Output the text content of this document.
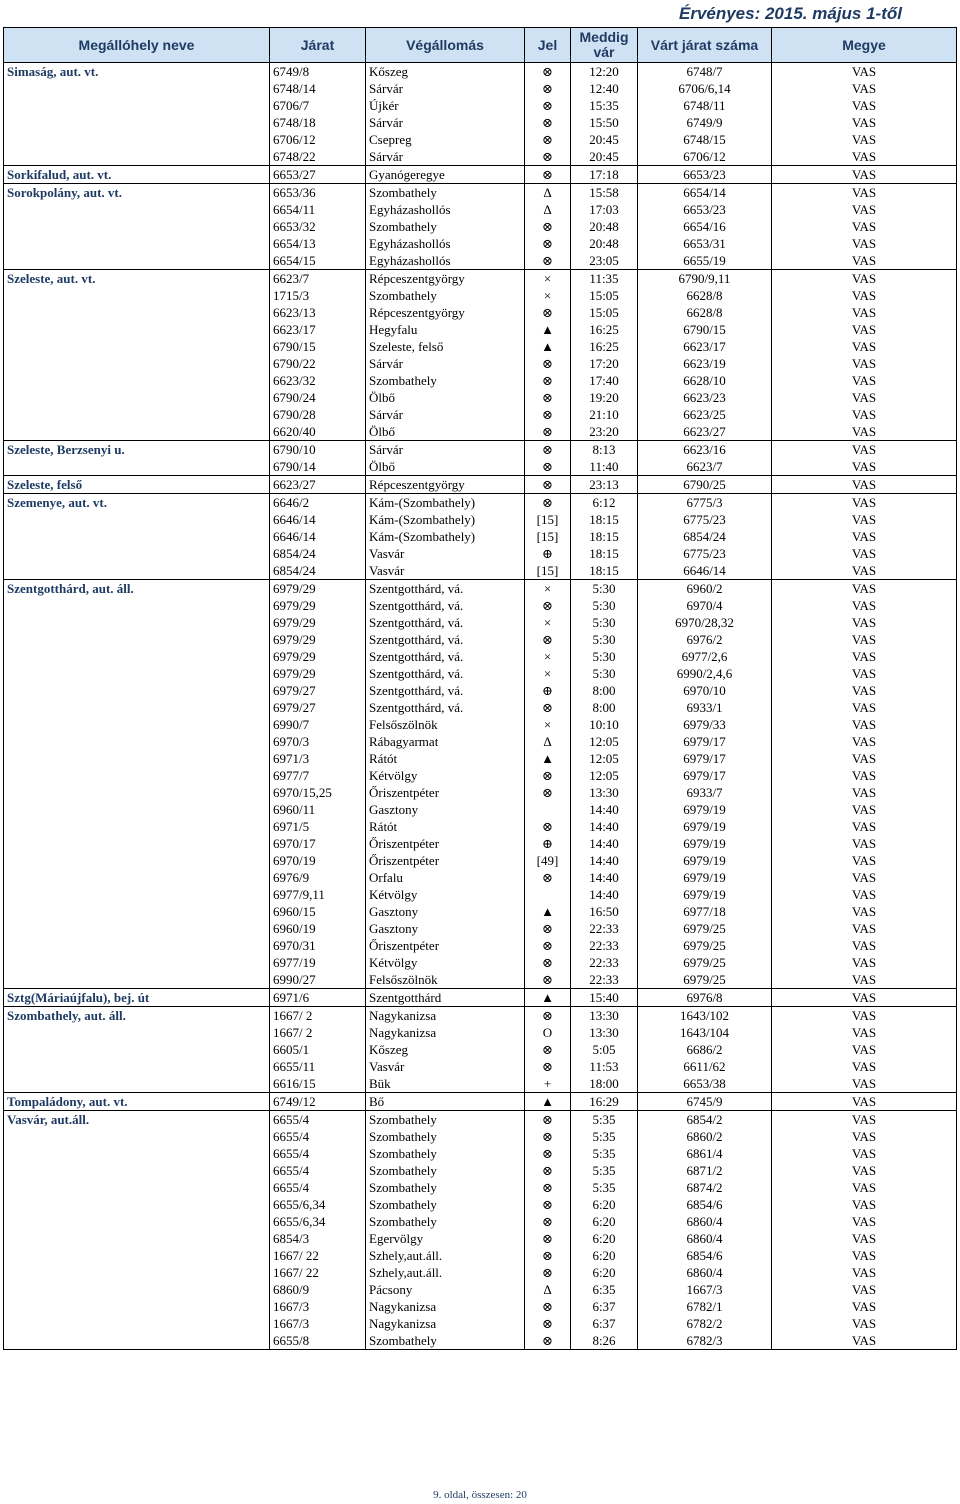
Érvényes: 2015. május 1-től
Megállóhely neve	Járat	Végállomás	Jel	Meddig vár	Várt járat száma	Megye
Simaság, aut. vt.	6749/8	Kőszeg	⊗	12:20	6748/7	VAS
	6748/14	Sárvár	⊗	12:40	6706/6,14	VAS
	6706/7	Újkér	⊗	15:35	6748/11	VAS
	6748/18	Sárvár	⊗	15:50	6749/9	VAS
	6706/12	Csepreg	⊗	20:45	6748/15	VAS
	6748/22	Sárvár	⊗	20:45	6706/12	VAS
Sorkifalud, aut. vt.	6653/27	Gyanógeregye	⊗	17:18	6653/23	VAS
Sorokpolány, aut. vt.	6653/36	Szombathely	Δ	15:58	6654/14	VAS
	6654/11	Egyházashollós	Δ	17:03	6653/23	VAS
	6653/32	Szombathely	⊗	20:48	6654/16	VAS
	6654/13	Egyházashollós	⊗	20:48	6653/31	VAS
	6654/15	Egyházashollós	⊗	23:05	6655/19	VAS
Szeleste, aut. vt.	6623/7	Répceszentgyörgy	×	11:35	6790/9,11	VAS
	1715/3	Szombathely	×	15:05	6628/8	VAS
	6623/13	Répceszentgyörgy	⊗	15:05	6628/8	VAS
	6623/17	Hegyfalu	▲	16:25	6790/15	VAS
	6790/15	Szeleste, felső	▲	16:25	6623/17	VAS
	6790/22	Sárvár	⊗	17:20	6623/19	VAS
	6623/32	Szombathely	⊗	17:40	6628/10	VAS
	6790/24	Ölbő	⊗	19:20	6623/23	VAS
	6790/28	Sárvár	⊗	21:10	6623/25	VAS
	6620/40	Ölbő	⊗	23:20	6623/27	VAS
Szeleste, Berzsenyi u.	6790/10	Sárvár	⊗	8:13	6623/16	VAS
	6790/14	Ölbő	⊗	11:40	6623/7	VAS
Szeleste, felső	6623/27	Répceszentgyörgy	⊗	23:13	6790/25	VAS
Szemenye, aut. vt.	6646/2	Kám-(Szombathely)	⊗	6:12	6775/3	VAS
	6646/14	Kám-(Szombathely)	[15]	18:15	6775/23	VAS
	6646/14	Kám-(Szombathely)	[15]	18:15	6854/24	VAS
	6854/24	Vasvár	⊕	18:15	6775/23	VAS
	6854/24	Vasvár	[15]	18:15	6646/14	VAS
Szentgotthárd, aut. áll.	6979/29	Szentgotthárd, vá.	×	5:30	6960/2	VAS
	6979/29	Szentgotthárd, vá.	⊗	5:30	6970/4	VAS
	6979/29	Szentgotthárd, vá.	×	5:30	6970/28,32	VAS
	6979/29	Szentgotthárd, vá.	⊗	5:30	6976/2	VAS
	6979/29	Szentgotthárd, vá.	×	5:30	6977/2,6	VAS
	6979/29	Szentgotthárd, vá.	×	5:30	6990/2,4,6	VAS
	6979/27	Szentgotthárd, vá.	⊕	8:00	6970/10	VAS
	6979/27	Szentgotthárd, vá.	⊗	8:00	6933/1	VAS
	6990/7	Felsőszölnök	×	10:10	6979/33	VAS
	6970/3	Rábagyarmat	Δ	12:05	6979/17	VAS
	6971/3	Rátót	▲	12:05	6979/17	VAS
	6977/7	Kétvölgy	⊗	12:05	6979/17	VAS
	6970/15,25	Őriszentpéter	⊗	13:30	6933/7	VAS
	6960/11	Gasztony		14:40	6979/19	VAS
	6971/5	Rátót	⊗	14:40	6979/19	VAS
	6970/17	Őriszentpéter	⊕	14:40	6979/19	VAS
	6970/19	Őriszentpéter	[49]	14:40	6979/19	VAS
	6976/9	Orfalu	⊗	14:40	6979/19	VAS
	6977/9,11	Kétvölgy		14:40	6979/19	VAS
	6960/15	Gasztony	▲	16:50	6977/18	VAS
	6960/19	Gasztony	⊗	22:33	6979/25	VAS
	6970/31	Őriszentpéter	⊗	22:33	6979/25	VAS
	6977/19	Kétvölgy	⊗	22:33	6979/25	VAS
	6990/27	Felsőszölnök	⊗	22:33	6979/25	VAS
Sztg(Máriaújfalu), bej. út	6971/6	Szentgotthárd	▲	15:40	6976/8	VAS
Szombathely, aut. áll.	1667/ 2	Nagykanizsa	⊗	13:30	1643/102	VAS
	1667/ 2	Nagykanizsa	O	13:30	1643/104	VAS
	6605/1	Kőszeg	⊗	5:05	6686/2	VAS
	6655/11	Vasvár	⊗	11:53	6611/62	VAS
	6616/15	Bük	+	18:00	6653/38	VAS
Tompaládony, aut. vt.	6749/12	Bő	▲	16:29	6745/9	VAS
Vasvár, aut.áll.	6655/4	Szombathely	⊗	5:35	6854/2	VAS
	6655/4	Szombathely	⊗	5:35	6860/2	VAS
	6655/4	Szombathely	⊗	5:35	6861/4	VAS
	6655/4	Szombathely	⊗	5:35	6871/2	VAS
	6655/4	Szombathely	⊗	5:35	6874/2	VAS
	6655/6,34	Szombathely	⊗	6:20	6854/6	VAS
	6655/6,34	Szombathely	⊗	6:20	6860/4	VAS
	6854/3	Egervölgy	⊗	6:20	6860/4	VAS
	1667/ 22	Szhely,aut.áll.	⊗	6:20	6854/6	VAS
	1667/ 22	Szhely,aut.áll.	⊗	6:20	6860/4	VAS
	6860/9	Pácsony	Δ	6:35	1667/3	VAS
	1667/3	Nagykanizsa	⊗	6:37	6782/1	VAS
	1667/3	Nagykanizsa	⊗	6:37	6782/2	VAS
	6655/8	Szombathely	⊗	8:26	6782/3	VAS
9. oldal, összesen: 20
